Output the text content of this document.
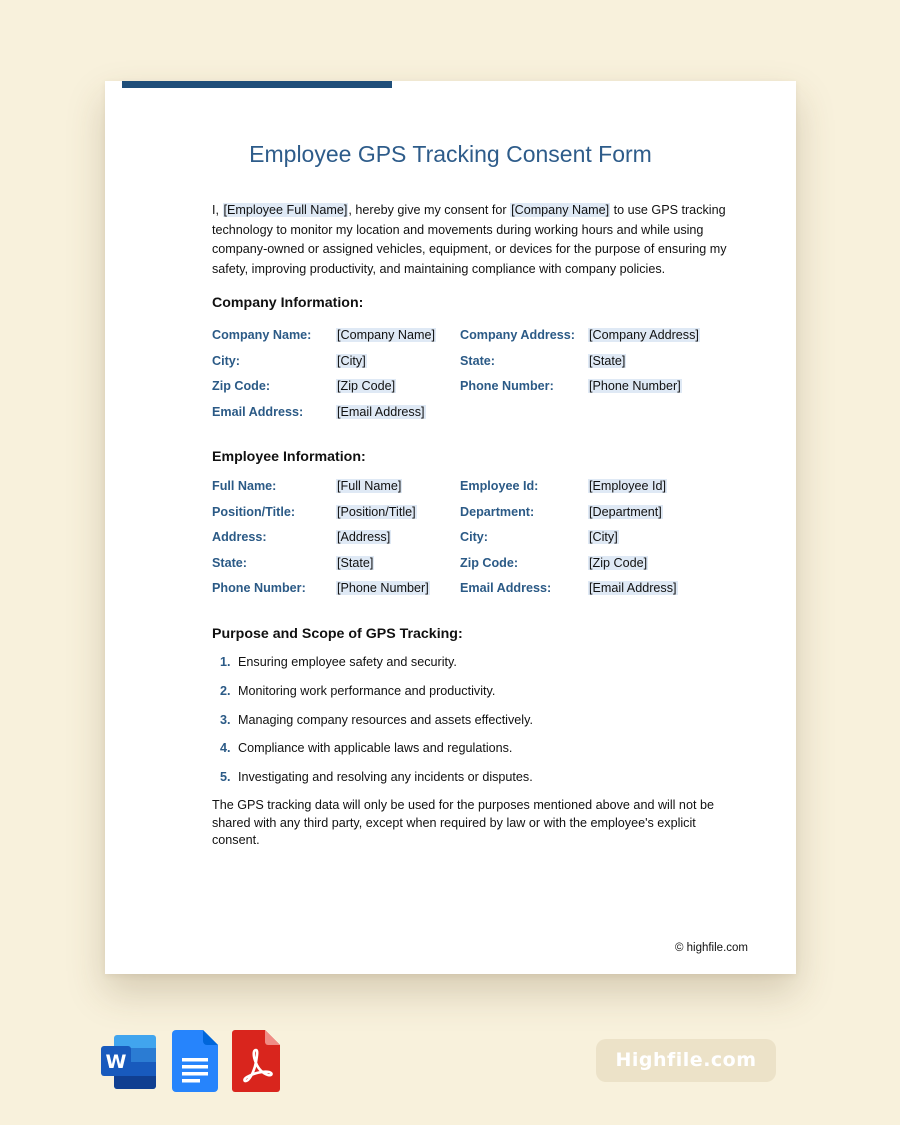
Employee GPS Tracking Consent Form
I, [Employee Full Name], hereby give my consent for [Company Name] to use GPS tracking technology to monitor my location and movements during working hours and while using company-owned or assigned vehicles, equipment, or devices for the purpose of ensuring my safety, improving productivity, and maintaining compliance with company policies.
Company Information:
Company Name:	[Company Name]	Company Address:	[Company Address]
City:	[City]	State:	[State]
Zip Code:	[Zip Code]	Phone Number:	[Phone Number]
Email Address:	[Email Address]
Employee Information:
Full Name:	[Full Name]	Employee Id:	[Employee Id]
Position/Title:	[Position/Title]	Department:	[Department]
Address:	[Address]	City:	[City]
State:	[State]	Zip Code:	[Zip Code]
Phone Number:	[Phone Number]	Email Address:	[Email Address]
Purpose and Scope of GPS Tracking:
1. Ensuring employee safety and security.
2. Monitoring work performance and productivity.
3. Managing company resources and assets effectively.
4. Compliance with applicable laws and regulations.
5. Investigating and resolving any incidents or disputes.
The GPS tracking data will only be used for the purposes mentioned above and will not be shared with any third party, except when required by law or with the employee's explicit consent.
© highfile.com
W	Highfile.com
